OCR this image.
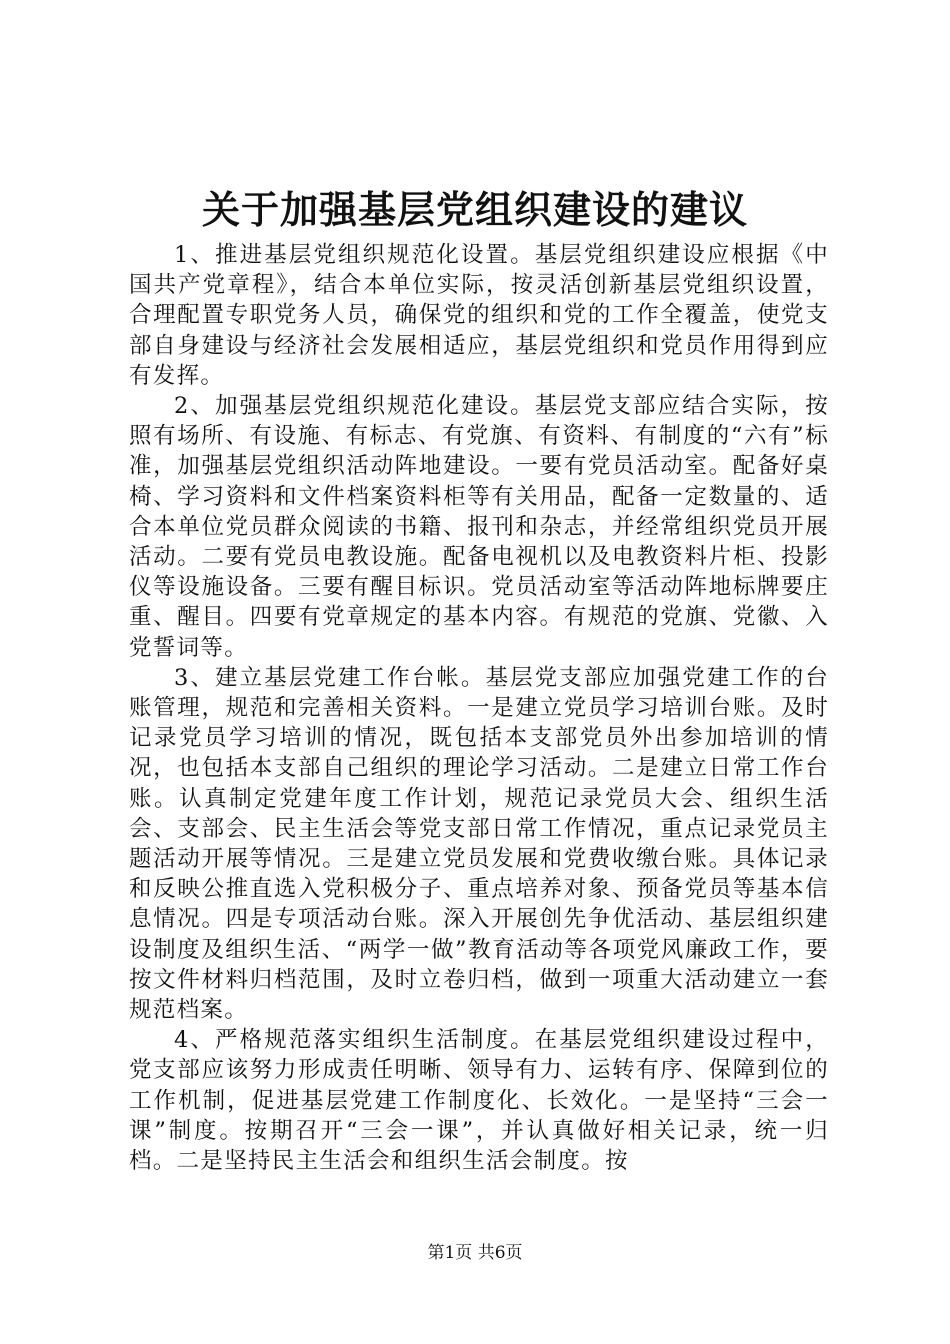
关于加强基层党组织建设的建议

1、推进基层党组织规范化设置。基层党组织建设应根据《中国共产党章程》，结合本单位实际，按灵活创新基层党组织设置，合理配置专职党务人员，确保党的组织和党的工作全覆盖，使党支部自身建设与经济社会发展相适应，基层党组织和党员作用得到应有发挥。

2、加强基层党组织规范化建设。基层党支部应结合实际，按照有场所、有设施、有标志、有党旗、有资料、有制度的“六有”标准，加强基层党组织活动阵地建设。一要有党员活动室。配备好桌椅、学习资料和文件档案资料柜等有关用品，配备一定数量的、适合本单位党员群众阅读的书籍、报刊和杂志，并经常组织党员开展活动。二要有党员电教设施。配备电视机以及电教资料片柜、投影仪等设施设备。三要有醒目标识。党员活动室等活动阵地标牌要庄重、醒目。四要有党章规定的基本内容。有规范的党旗、党徽、入党誓词等。

3、建立基层党建工作台帐。基层党支部应加强党建工作的台账管理，规范和完善相关资料。一是建立党员学习培训台账。及时记录党员学习培训的情况，既包括本支部党员外出参加培训的情况，也包括本支部自己组织的理论学习活动。二是建立日常工作台账。认真制定党建年度工作计划，规范记录党员大会、组织生活会、支部会、民主生活会等党支部日常工作情况，重点记录党员主题活动开展等情况。三是建立党员发展和党费收缴台账。具体记录和反映公推直选入党积极分子、重点培养对象、预备党员等基本信息情况。四是专项活动台账。深入开展创先争优活动、基层组织建设制度及组织生活、“两学一做”教育活动等各项党风廉政工作，要按文件材料归档范围，及时立卷归档，做到一项重大活动建立一套规范档案。

4、严格规范落实组织生活制度。在基层党组织建设过程中，党支部应该努力形成责任明晰、领导有力、运转有序、保障到位的工作机制，促进基层党建工作制度化、长效化。一是坚持“三会一课”制度。按期召开“三会一课”，并认真做好相关记录，统一归档。二是坚持民主生活会和组织生活会制度。按

第1页 共6页
